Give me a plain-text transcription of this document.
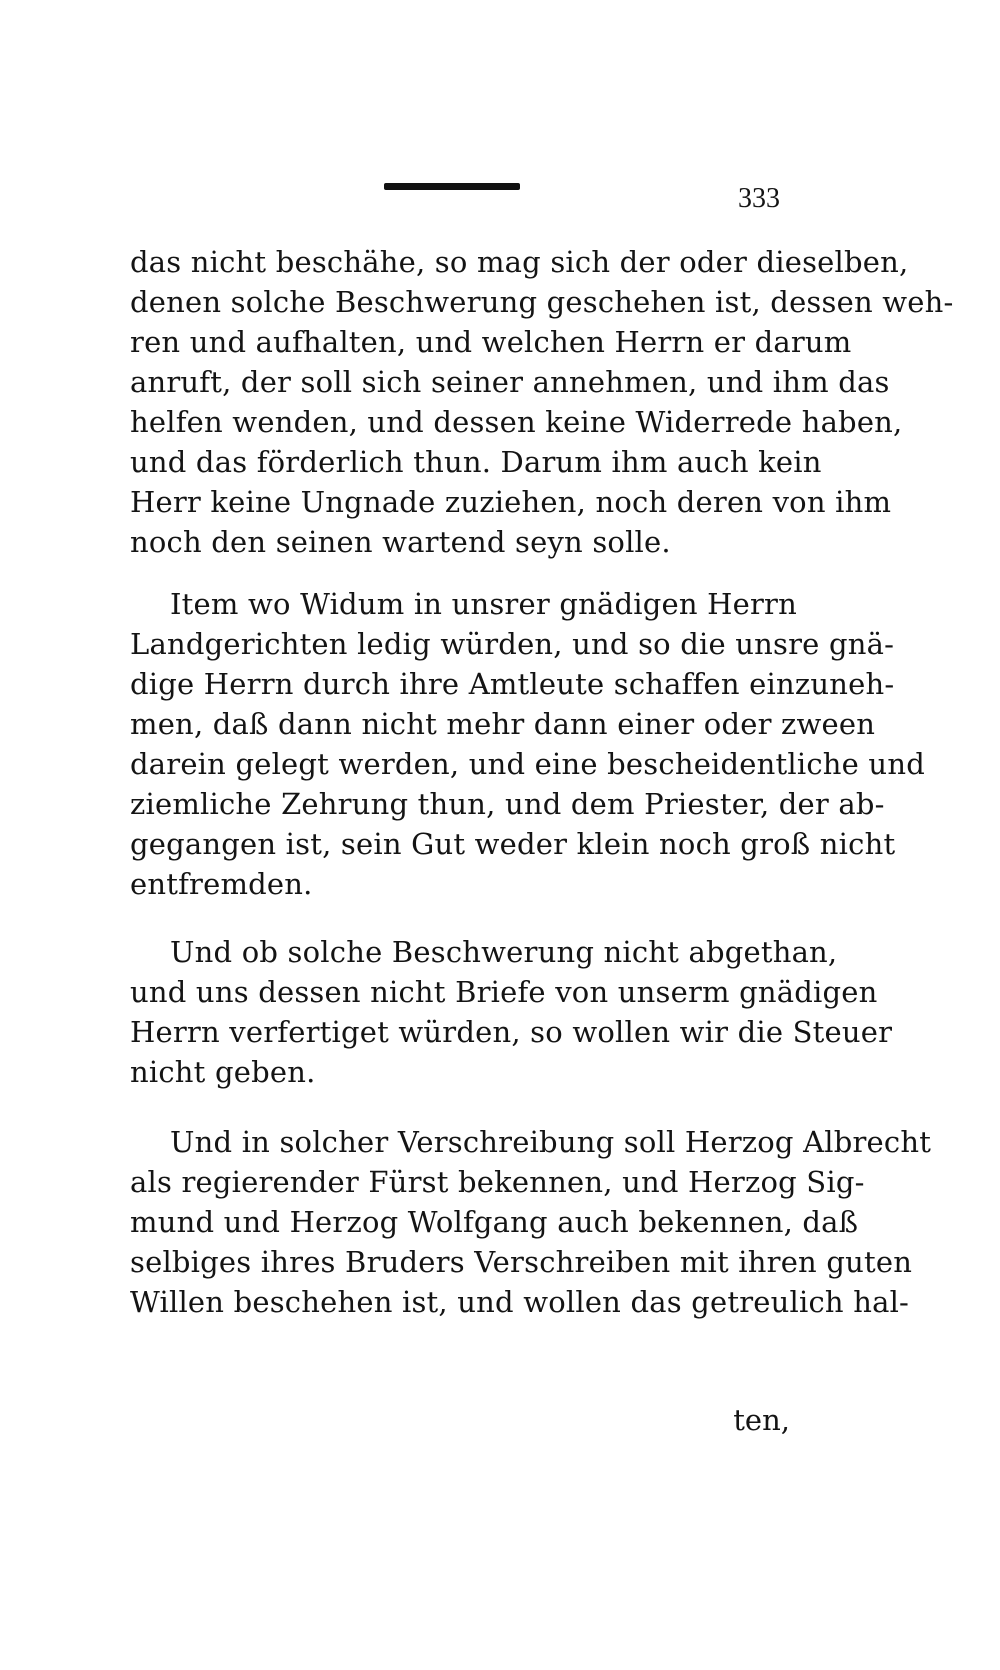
333
das nicht beschähe, so mag sich der oder dieselben,
denen solche Beschwerung geschehen ist, dessen weh-
ren und aufhalten, und welchen Herrn er darum
anruft, der soll sich seiner annehmen, und ihm das
helfen wenden, und dessen keine Widerrede haben,
und das förderlich thun. Darum ihm auch kein
Herr keine Ungnade zuziehen, noch deren von ihm
noch den seinen wartend seyn solle.
Item wo Widum in unsrer gnädigen Herrn
Landgerichten ledig würden, und so die unsre gnä-
dige Herrn durch ihre Amtleute schaffen einzuneh-
men, daß dann nicht mehr dann einer oder zween
darein gelegt werden, und eine bescheidentliche und
ziemliche Zehrung thun, und dem Priester, der ab-
gegangen ist, sein Gut weder klein noch groß nicht
entfremden.
Und ob solche Beschwerung nicht abgethan,
und uns dessen nicht Briefe von unserm gnädigen
Herrn verfertiget würden, so wollen wir die Steuer
nicht geben.
Und in solcher Verschreibung soll Herzog Albrecht
als regierender Fürst bekennen, und Herzog Sig-
mund und Herzog Wolfgang auch bekennen, daß
selbiges ihres Bruders Verschreiben mit ihren guten
Willen beschehen ist, und wollen das getreulich hal-
ten,
